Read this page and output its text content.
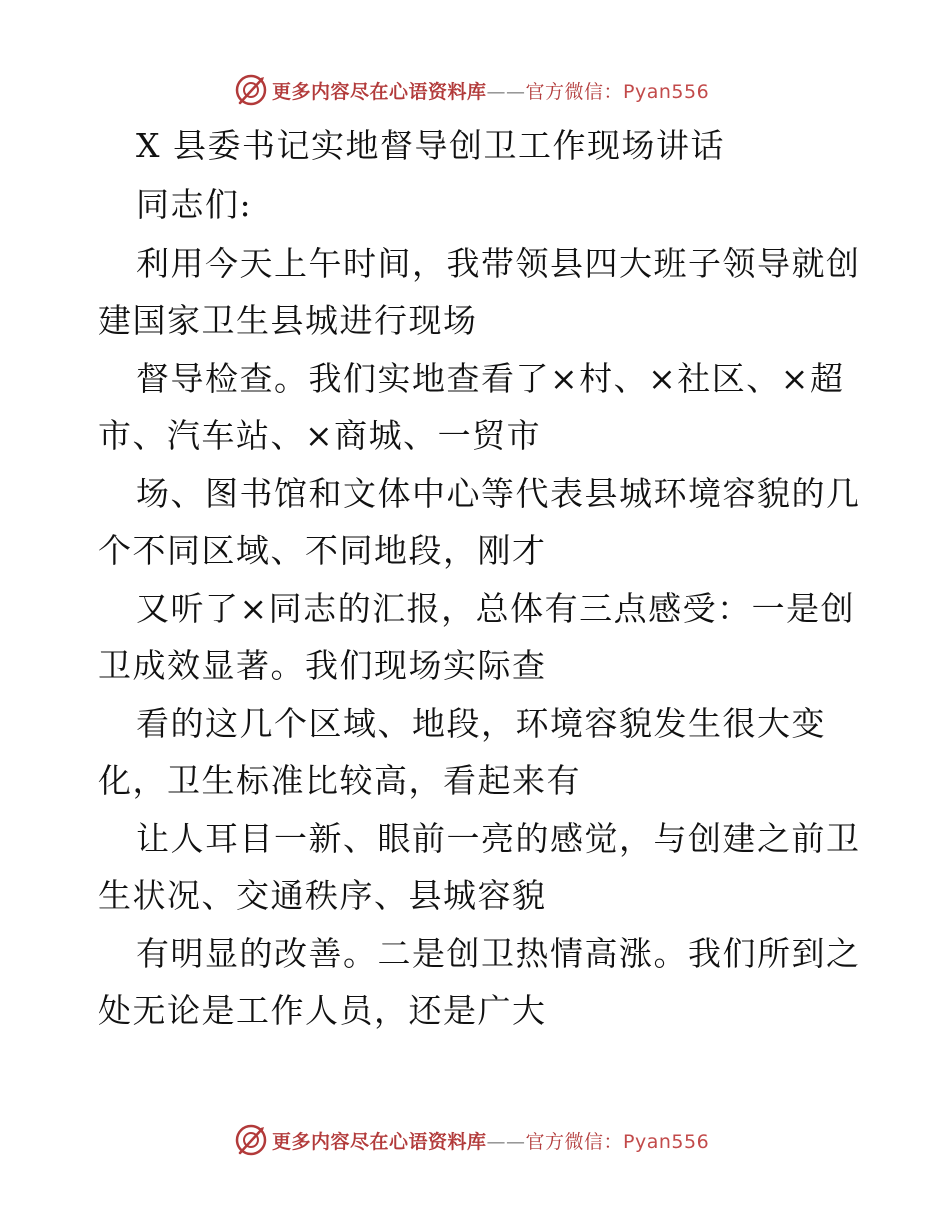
更多内容尽在心语资料库——官方微信：Pyan556
X 县委书记实地督导创卫工作现场讲话
同志们:
利用今天上午时间，我带领县四大班子领导就创
建国家卫生县城进行现场
督导检查。我们实地查看了×村、×社区、×超
市、汽车站、×商城、一贸市
场、图书馆和文体中心等代表县城环境容貌的几
个不同区域、不同地段，刚才
又听了×同志的汇报，总体有三点感受：一是创
卫成效显著。我们现场实际查
看的这几个区域、地段，环境容貌发生很大变
化，卫生标准比较高，看起来有
让人耳目一新、眼前一亮的感觉，与创建之前卫
生状况、交通秩序、县城容貌
有明显的改善。二是创卫热情高涨。我们所到之
处无论是工作人员，还是广大
更多内容尽在心语资料库——官方微信：Pyan556
